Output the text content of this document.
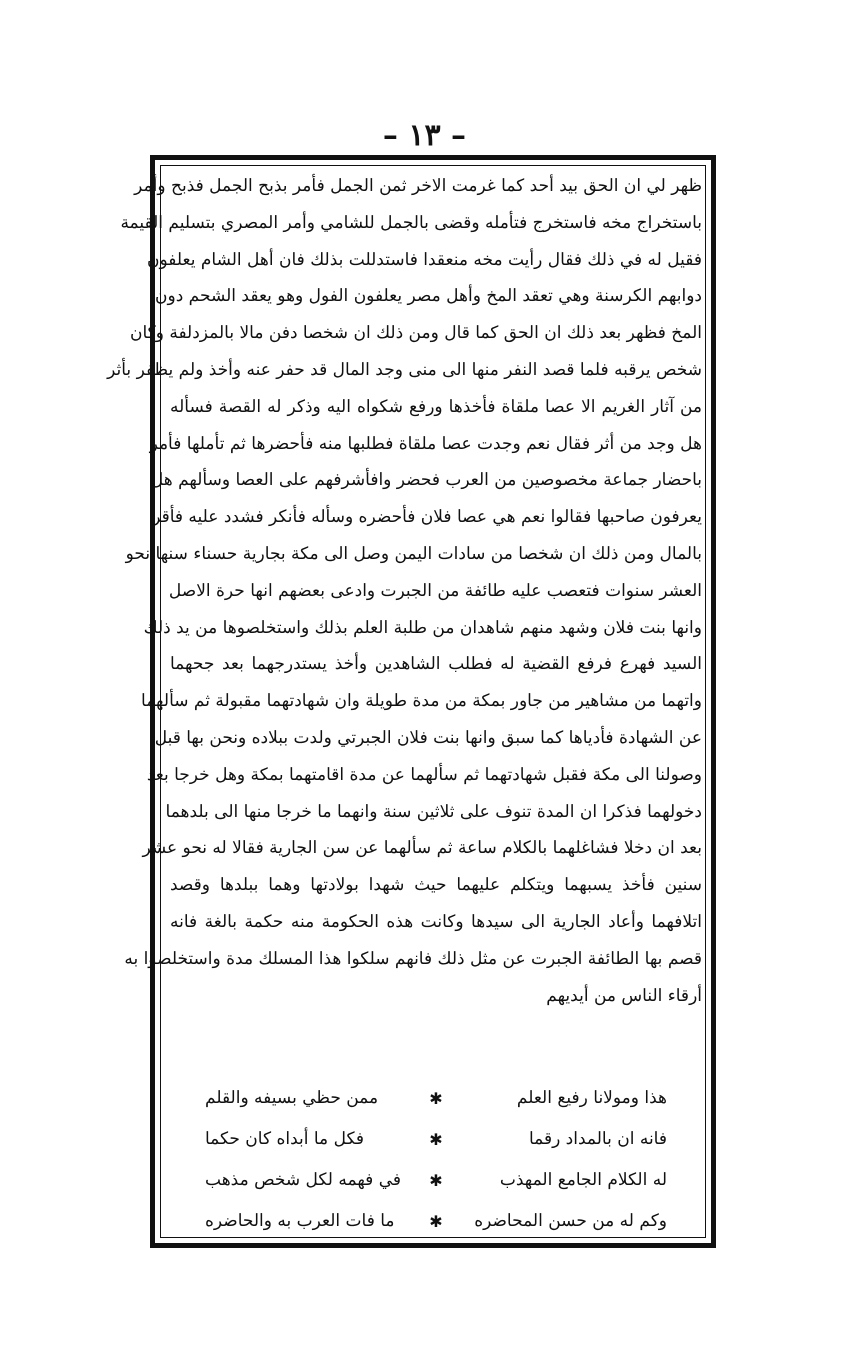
– ١٣ –
ظهر لي ان الحق بيد أحد كما غرمت الاخر ثمن الجمل فأمر بذبح الجمل فذبح وأمر
باستخراج مخه فاستخرج فتأمله وقضى بالجمل للشامي وأمر المصري بتسليم القيمة
فقيل له في ذلك فقال رأيت مخه منعقدا فاستدللت بذلك فان أهل الشام يعلفون
دوابهم الكرسنة وهي تعقد المخ وأهل مصر يعلفون الفول وهو يعقد الشحم دون
المخ فظهر بعد ذلك ان الحق كما قال ومن ذلك ان شخصا دفن مالا بالمزدلفة وكان
شخص يرقبه فلما قصد النفر منها الى منى وجد المال قد حفر عنه وأخذ ولم يظفر بأثر
من آثار الغريم الا عصا ملقاة فأخذها ورفع شكواه اليه وذكر له القصة فسأله
هل وجد من أثر فقال نعم وجدت عصا ملقاة فطلبها منه فأحضرها ثم تأملها فأمر
باحضار جماعة مخصوصين من العرب فحضر وافأشرفهم على العصا وسألهم هل
يعرفون صاحبها فقالوا نعم هي عصا فلان فأحضره وسأله فأنكر فشدد عليه فأقر
بالمال ومن ذلك ان شخصا من سادات اليمن وصل الى مكة بجارية حسناء سنها نحو
العشر سنوات فتعصب عليه طائفة من الجبرت وادعى بعضهم انها حرة الاصل
وانها بنت فلان وشهد منهم شاهدان من طلبة العلم بذلك واستخلصوها من يد ذلك
السيد فهرع فرفع القضية له فطلب الشاهدين وأخذ يستدرجهما بعد جحهما
واتهما من مشاهير من جاور بمكة من مدة طويلة وان شهادتهما مقبولة ثم سألهما
عن الشهادة فأدياها كما سبق وانها بنت فلان الجبرتي ولدت ببلاده ونحن بها قبل
وصولنا الى مكة فقبل شهادتهما ثم سألهما عن مدة اقامتهما بمكة وهل خرجا بعد
دخولهما فذكرا ان المدة تنوف على ثلاثين سنة وانهما ما خرجا منها الى بلدهما
بعد ان دخلا فشاغلهما بالكلام ساعة ثم سألهما عن سن الجارية فقالا له نحو عشر
سنين فأخذ يسبهما ويتكلم عليهما حيث شهدا بولادتها وهما ببلدها وقصد
اتلافهما وأعاد الجارية الى سيدها وكانت هذه الحكومة منه حكمة بالغة فانه
قصم بها الطائفة الجبرت عن مثل ذلك فانهم سلكوا هذا المسلك مدة واستخلصوا به
أرقاء الناس من أيديهم
هذا ومولانا رفيع العلم
✱
ممن حظي بسيفه والقلم
فانه ان بالمداد رقما
✱
فكل ما أبداه كان حكما
له الكلام الجامع المهذب
✱
في فهمه لكل شخص مذهب
وكم له من حسن المحاضره
✱
ما فات العرب به والحاضره
